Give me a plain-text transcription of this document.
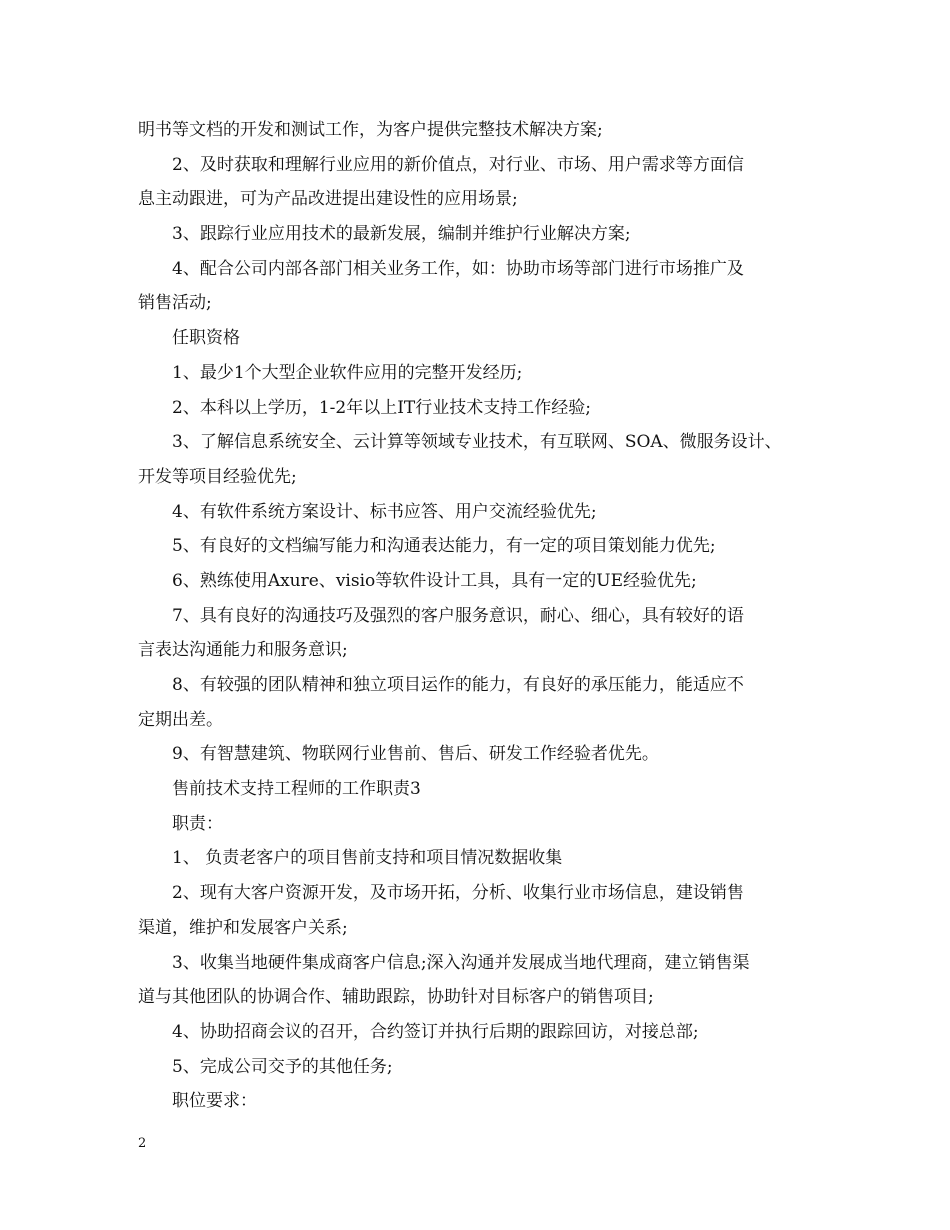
明书等文档的开发和测试工作，为客户提供完整技术解决方案;

2、及时获取和理解行业应用的新价值点，对行业、市场、用户需求等方面信

息主动跟进，可为产品改进提出建设性的应用场景;

3、跟踪行业应用技术的最新发展，编制并维护行业解决方案;

4、配合公司内部各部门相关业务工作，如：协助市场等部门进行市场推广及

销售活动;

任职资格

1、最少1个大型企业软件应用的完整开发经历;

2、本科以上学历，1-2年以上IT行业技术支持工作经验;

3、了解信息系统安全、云计算等领域专业技术，有互联网、SOA、微服务设计、

开发等项目经验优先;

4、有软件系统方案设计、标书应答、用户交流经验优先;

5、有良好的文档编写能力和沟通表达能力，有一定的项目策划能力优先;

6、熟练使用Axure、visio等软件设计工具，具有一定的UE经验优先;

7、具有良好的沟通技巧及强烈的客户服务意识，耐心、细心，具有较好的语

言表达沟通能力和服务意识;

8、有较强的团队精神和独立项目运作的能力，有良好的承压能力，能适应不

定期出差。

9、有智慧建筑、物联网行业售前、售后、研发工作经验者优先。

售前技术支持工程师的工作职责3

职责：

1、 负责老客户的项目售前支持和项目情况数据收集

2、现有大客户资源开发，及市场开拓，分析、收集行业市场信息，建设销售

渠道，维护和发展客户关系;

3、收集当地硬件集成商客户信息;深入沟通并发展成当地代理商，建立销售渠

道与其他团队的协调合作、辅助跟踪，协助针对目标客户的销售项目;

4、协助招商会议的召开，合约签订并执行后期的跟踪回访，对接总部;

5、完成公司交予的其他任务;

职位要求：

2
